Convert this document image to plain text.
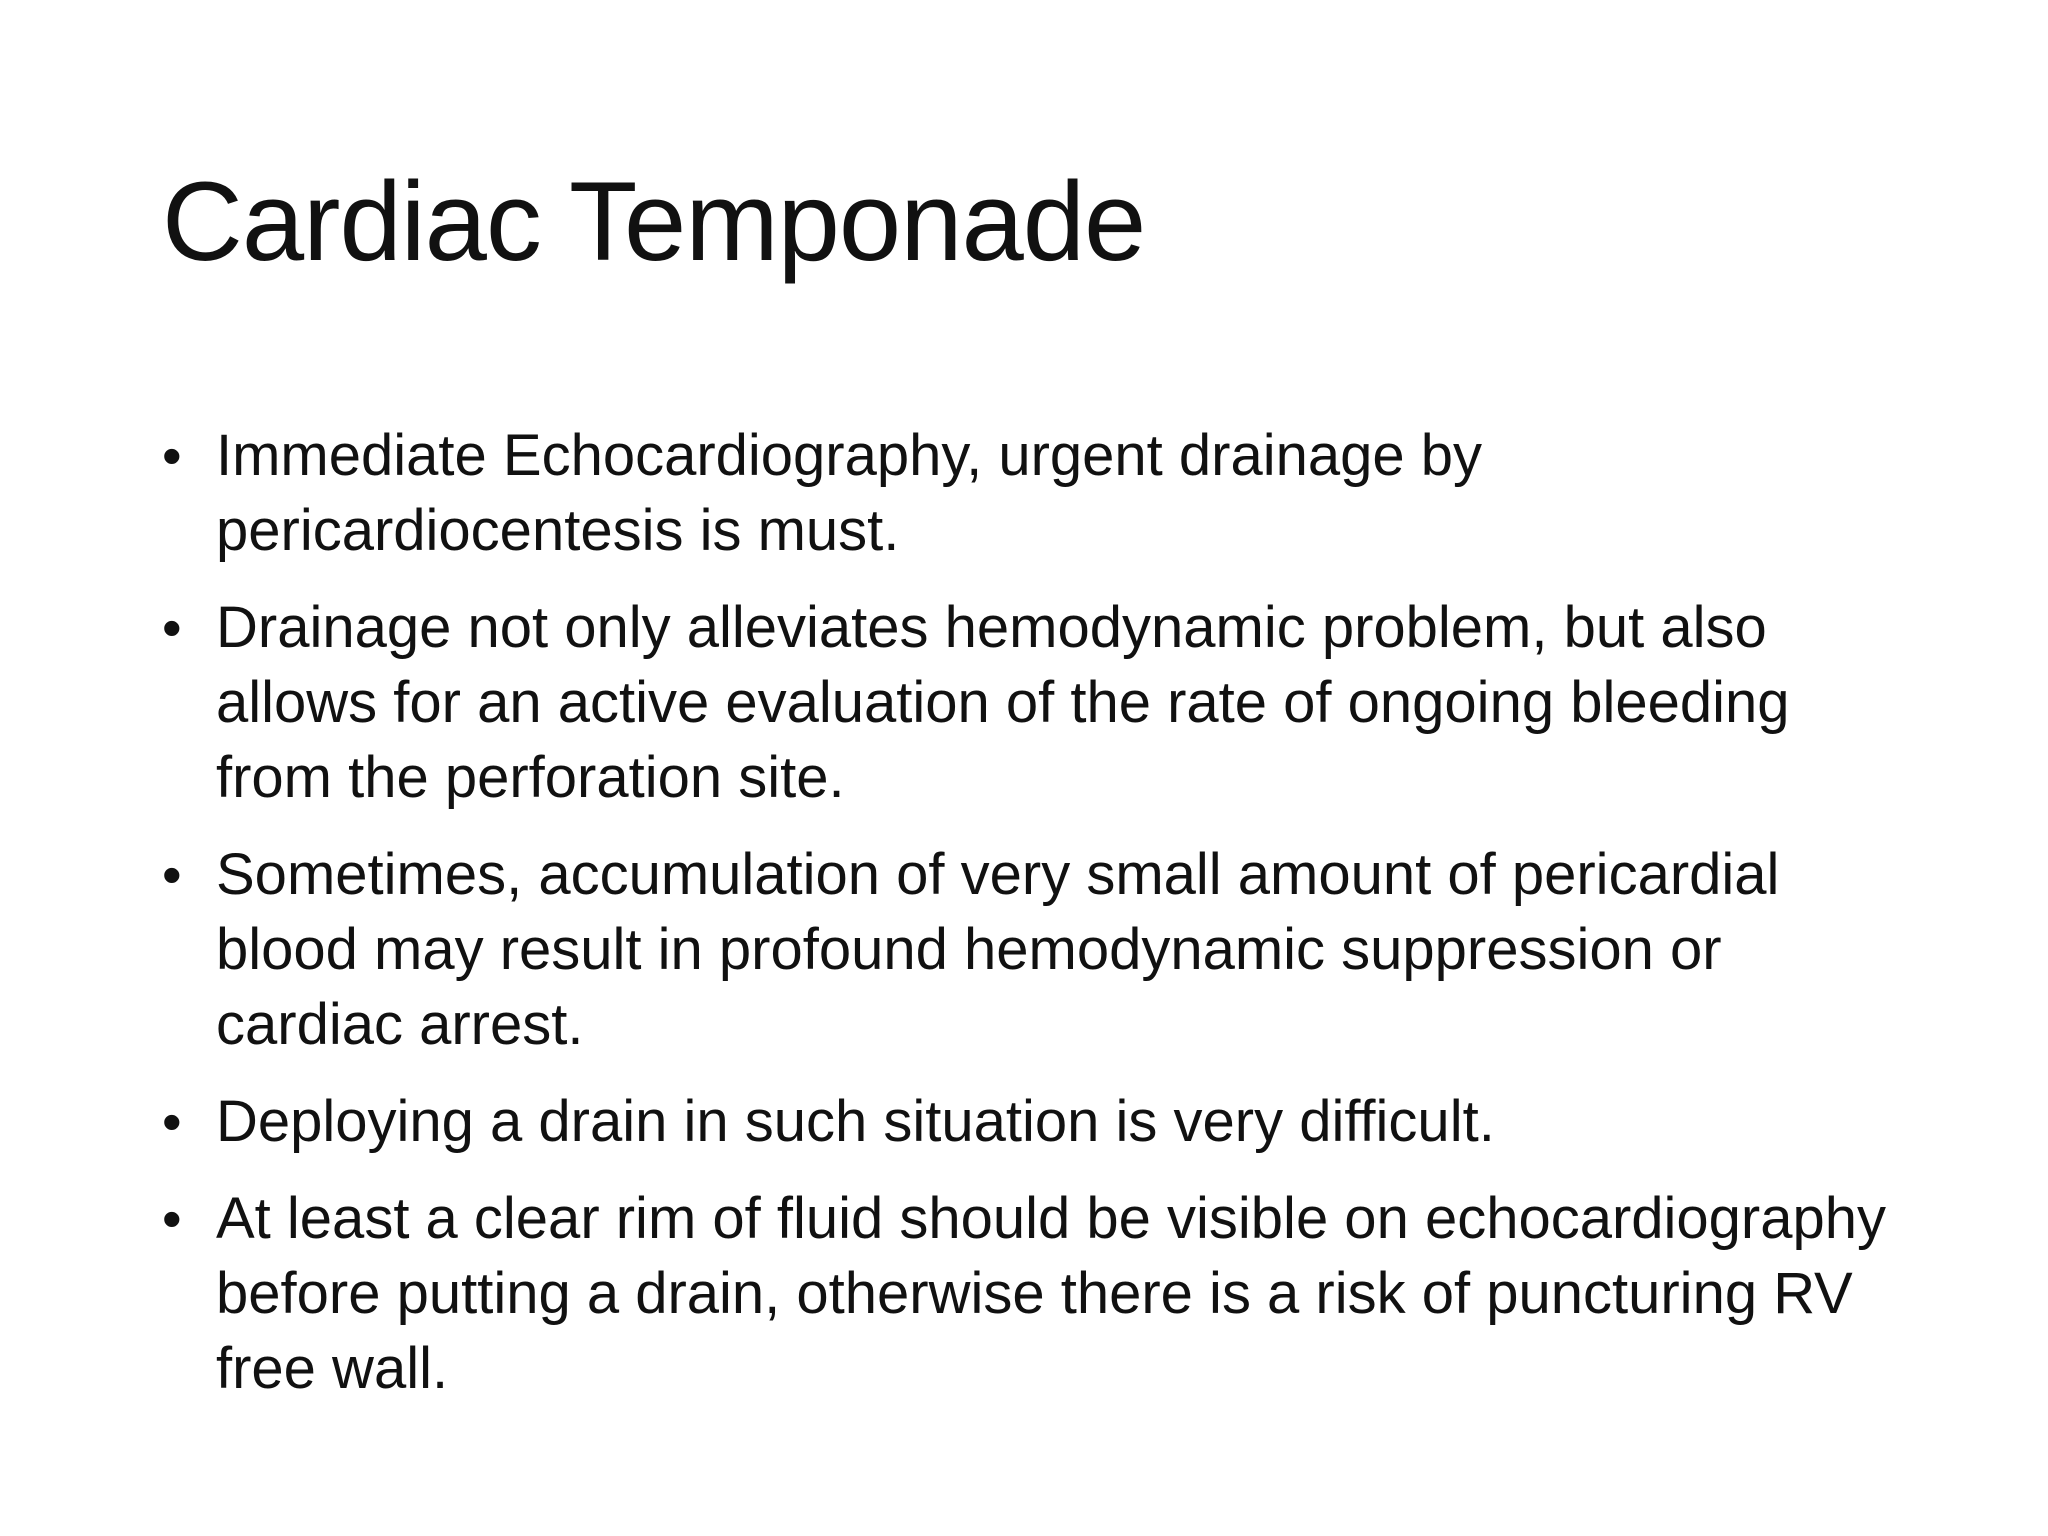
Cardiac Temponade
• Immediate Echocardiography, urgent drainage by pericardiocentesis is must.

• Drainage not only alleviates hemodynamic problem, but also allows for an active evaluation of the rate of ongoing bleeding from the perforation site.

• Sometimes, accumulation of very small amount of pericardial blood may result in profound hemodynamic suppression or cardiac arrest.

• Deploying a drain in such situation is very difficult.

• At least a clear rim of fluid should be visible on echocardiography before putting a drain, otherwise there is a risk of puncturing RV free wall.
